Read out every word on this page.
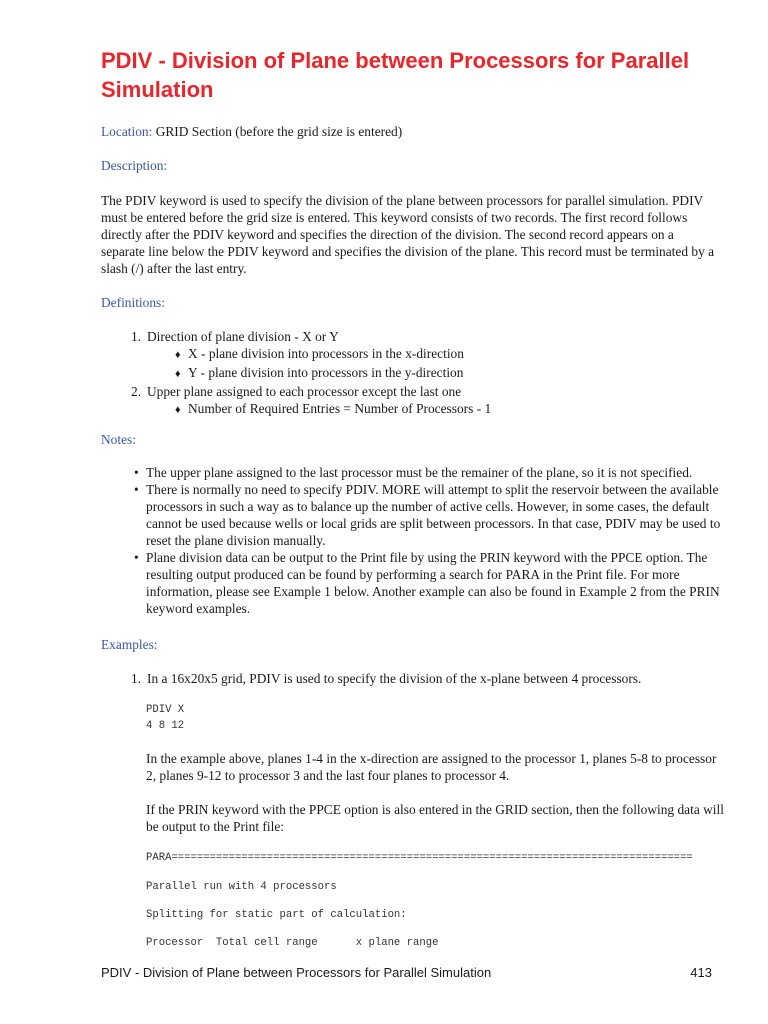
PDIV - Division of Plane between Processors for Parallel Simulation
Location: GRID Section (before the grid size is entered)
Description:

The PDIV keyword is used to specify the division of the plane between processors for parallel simulation. PDIV must be entered before the grid size is entered. This keyword consists of two records. The first record follows directly after the PDIV keyword and specifies the direction of the division. The second record appears on a separate line below the PDIV keyword and specifies the division of the plane. This record must be terminated by a slash (/) after the last entry.

Definitions:
1. Direction of plane division - X or Y
♦ X - plane division into processors in the x-direction
♦ Y - plane division into processors in the y-direction
2. Upper plane assigned to each processor except the last one
♦ Number of Required Entries = Number of Processors - 1
Notes:
• The upper plane assigned to the last processor must be the remainer of the plane, so it is not specified.
• There is normally no need to specify PDIV. MORE will attempt to split the reservoir between the available processors in such a way as to balance up the number of active cells. However, in some cases, the default cannot be used because wells or local grids are split between processors. In that case, PDIV may be used to reset the plane division manually.
• Plane division data can be output to the Print file by using the PRIN keyword with the PPCE option. The resulting output produced can be found by performing a search for PARA in the Print file. For more information, please see Example 1 below. Another example can also be found in Example 2 from the PRIN keyword examples.
Examples:
1. In a 16x20x5 grid, PDIV is used to specify the division of the x-plane between 4 processors.
PDIV X
4 8 12

In the example above, planes 1-4 in the x-direction are assigned to the processor 1, planes 5-8 to processor 2, planes 9-12 to processor 3 and the last four planes to processor 4.

If the PRIN keyword with the PPCE option is also entered in the GRID section, then the following data will be output to the Print file:

PARA==================================================================================
Parallel run with 4 processors
Splitting for static part of calculation:
Processor  Total cell range      x plane range
PDIV - Division of Plane between Processors for Parallel Simulation	413
